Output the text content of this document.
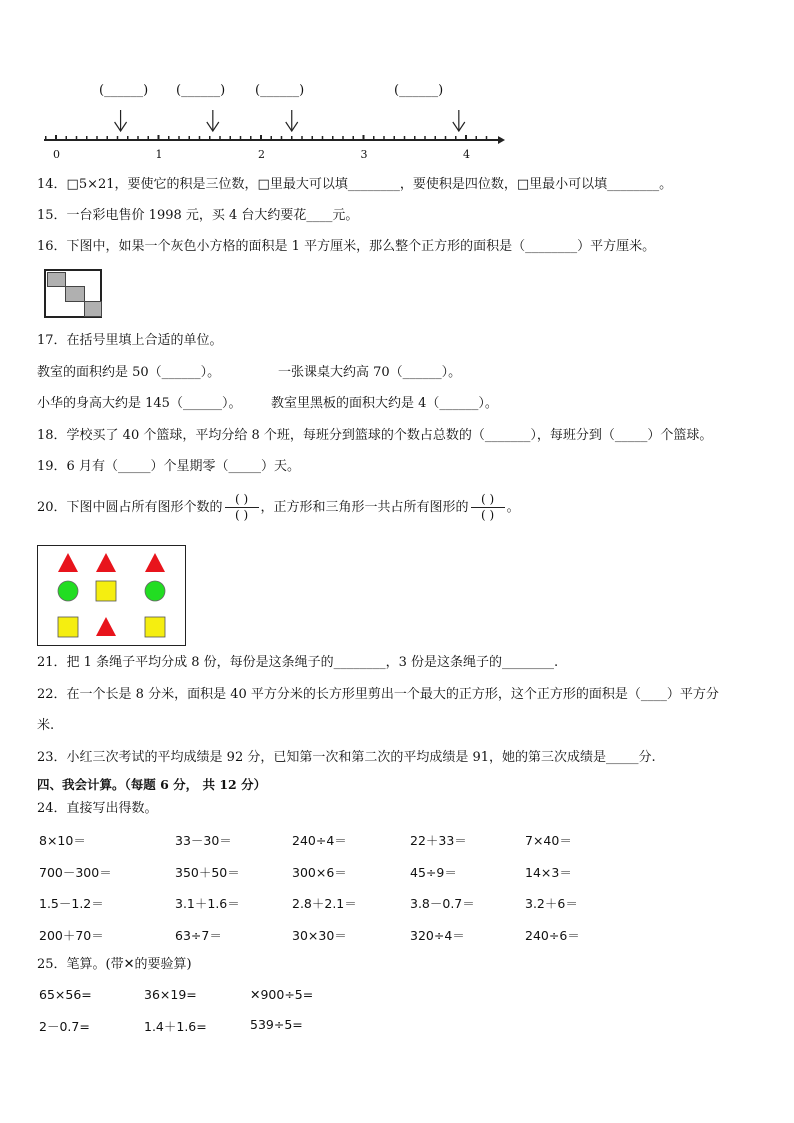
(______) (______) (______)	(______)
0	1	2	3	4
14．□5×21，要使它的积是三位数，□里最大可以填________，要使积是四位数，□里最小可以填________。
15．一台彩电售价 1998 元，买 4 台大约要花____元。
16．下图中，如果一个灰色小方格的面积是 1 平方厘米，那么整个正方形的面积是（________）平方厘米。
17．在括号里填上合适的单位。
教室的面积约是 50（______）。	一张课桌大约高 70（______）。
小华的身高大约是 145（______）。 教室里黑板的面积大约是 4（______）。
18．学校买了 40 个篮球，平均分给 8 个班，每班分到篮球的个数占总数的（_______），每班分到（_____）个篮球。
19．6 月有（_____）个星期零（_____）天。
20．下图中圆占所有图形个数的 $\frac{( )}{( )}$ ，正方形和三角形一共占所有图形的 $\frac{( )}{( )}$ 。
21．把 1 条绳子平均分成 8 份，每份是这条绳子的________，3 份是这条绳子的________.
22．在一个长是 8 分米，面积是 40 平方分米的长方形里剪出一个最大的正方形，这个正方形的面积是（____）平方分
米.
23．小红三次考试的平均成绩是 92 分，已知第一次和第二次的平均成绩是 91，她的第三次成绩是_____分.
四、我会计算。（每题 6 分， 共 12 分）
24．直接写出得数。
8×10＝	33－30＝	240÷4＝	22＋33＝	7×40＝
700－300＝	350＋50＝	300×6＝	45÷9＝	14×3＝
1.5－1.2＝	3.1＋1.6＝	2.8＋2.1＝	3.8－0.7＝	3.2＋6＝
200＋70＝	63÷7＝	30×30＝	320÷4＝	240÷6＝
25．笔算。(带✕的要验算)
65×56=	36×19=	✕900÷5=
2－0.7=	1.4＋1.6=	539÷5=
